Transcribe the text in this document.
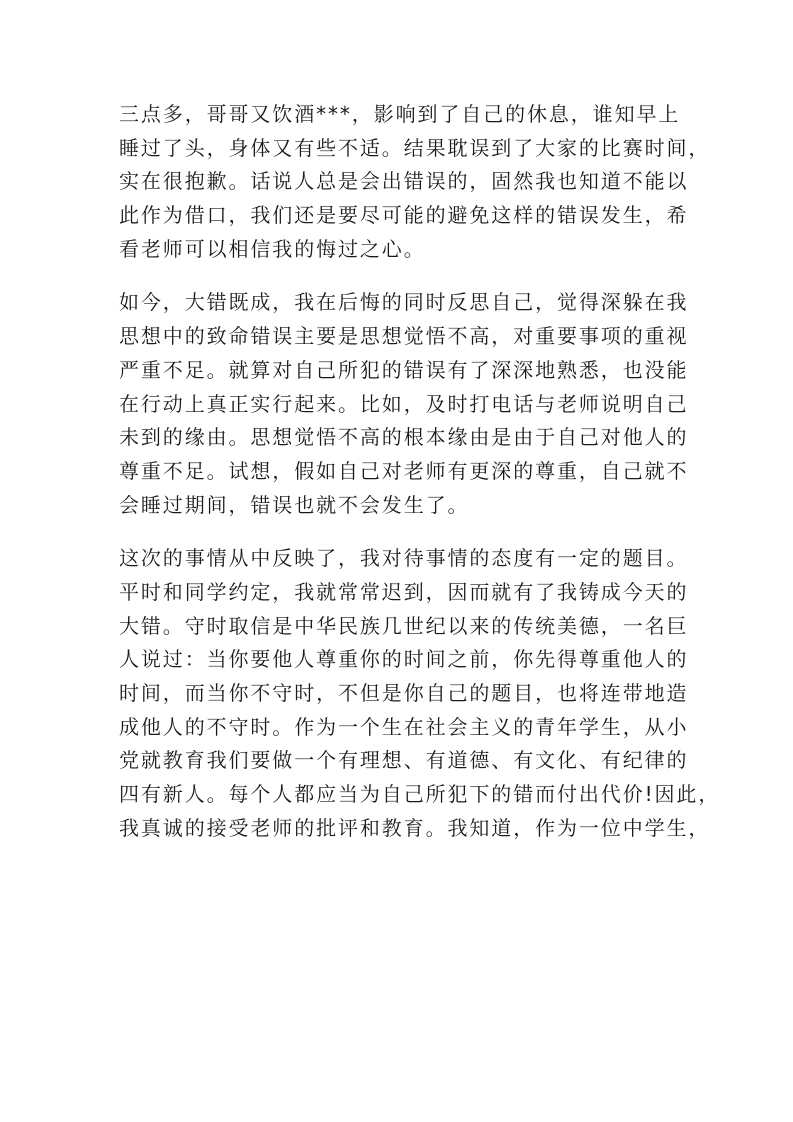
三点多，哥哥又饮酒***，影响到了自己的休息，谁知早上
睡过了头，身体又有些不适。结果耽误到了大家的比赛时间，
实在很抱歉。话说人总是会出错误的，固然我也知道不能以
此作为借口，我们还是要尽可能的避免这样的错误发生，希
看老师可以相信我的悔过之心。
如今，大错既成，我在后悔的同时反思自己，觉得深躲在我
思想中的致命错误主要是思想觉悟不高，对重要事项的重视
严重不足。就算对自己所犯的错误有了深深地熟悉，也没能
在行动上真正实行起来。比如，及时打电话与老师说明自己
未到的缘由。思想觉悟不高的根本缘由是由于自己对他人的
尊重不足。试想，假如自己对老师有更深的尊重，自己就不
会睡过期间，错误也就不会发生了。
这次的事情从中反映了，我对待事情的态度有一定的题目。
平时和同学约定，我就常常迟到，因而就有了我铸成今天的
大错。守时取信是中华民族几世纪以来的传统美德，一名巨
人说过：当你要他人尊重你的时间之前，你先得尊重他人的
时间，而当你不守时，不但是你自己的题目，也将连带地造
成他人的不守时。作为一个生在社会主义的青年学生，从小
党就教育我们要做一个有理想、有道德、有文化、有纪律的
四有新人。每个人都应当为自己所犯下的错而付出代价!因此，
我真诚的接受老师的批评和教育。我知道，作为一位中学生，
